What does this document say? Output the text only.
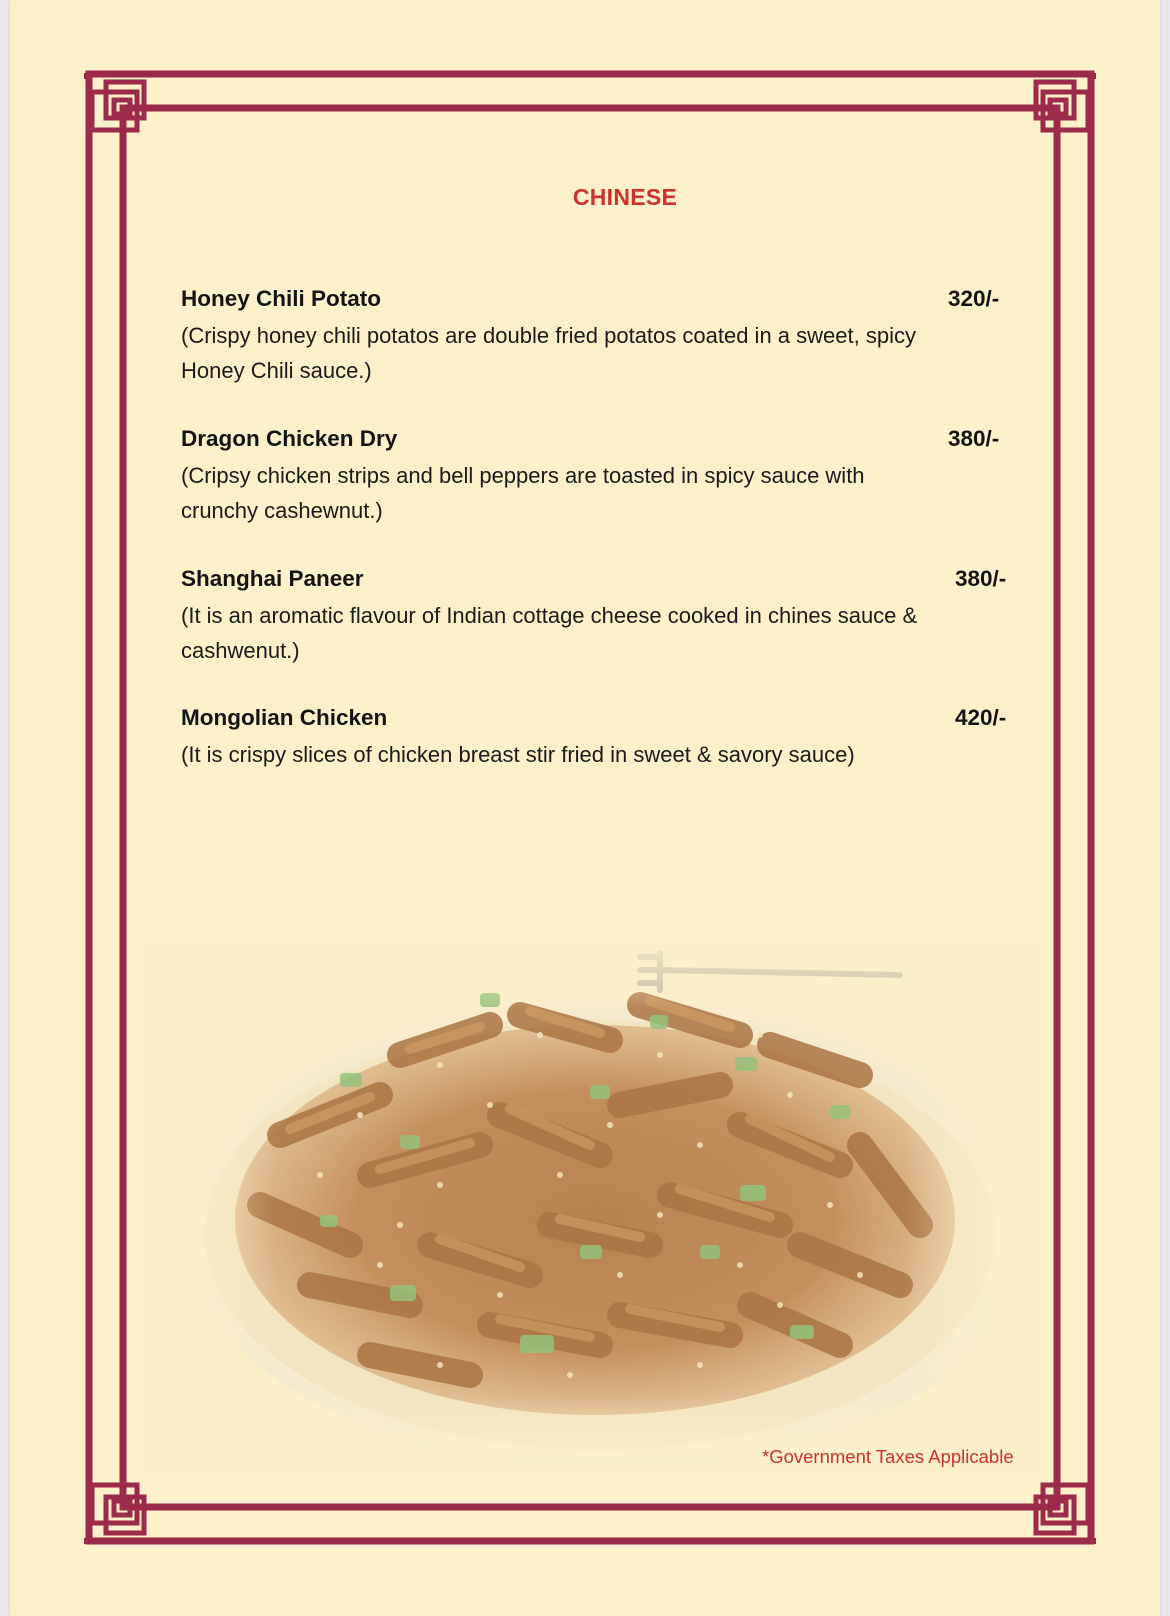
CHINESE
Honey Chili Potato
(Crispy honey chili potatos are double fried potatos coated in a sweet, spicy Honey Chili sauce.)
320/-
Dragon Chicken Dry
(Cripsy chicken strips and bell peppers are toasted in spicy sauce with crunchy cashewnut.)
380/-
Shanghai Paneer
(It is an aromatic flavour of Indian cottage cheese cooked in chines sauce & cashwenut.)
380/-
Mongolian Chicken
(It is crispy slices of chicken breast stir fried in sweet & savory sauce)
420/-
*Government Taxes Applicable
